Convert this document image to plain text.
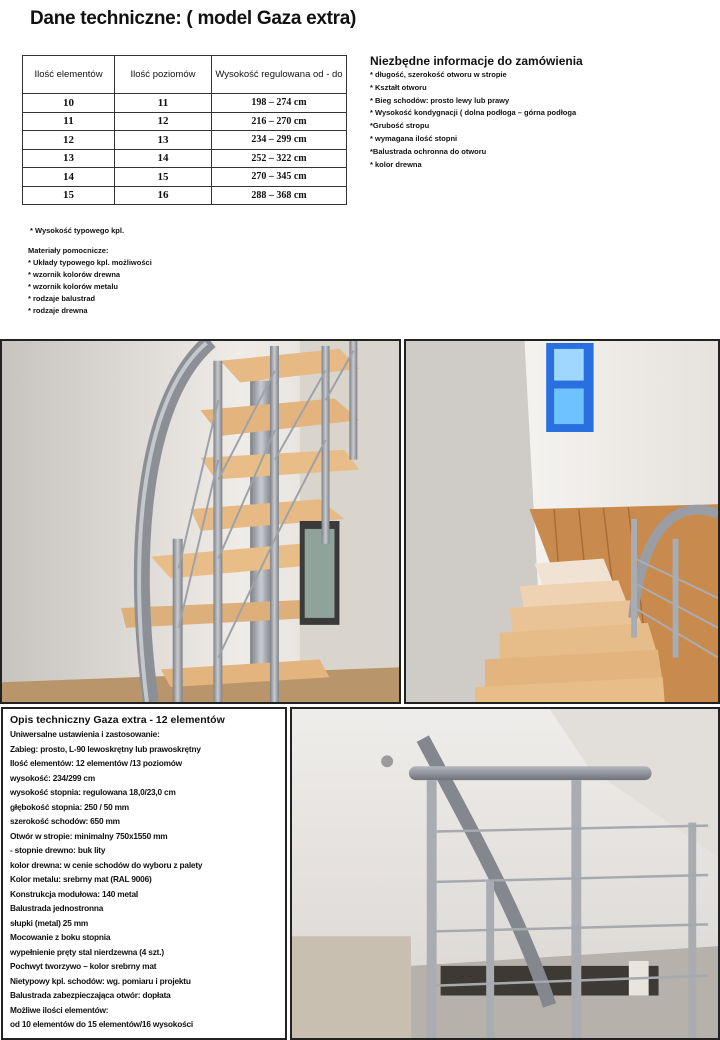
Dane techniczne: ( model Gaza extra)
Ilość elementów	Ilość poziomów	Wysokość regulowana od - do
10	11	198 – 274 cm
11	12	216 – 270 cm
12	13	234 – 299 cm
13	14	252 – 322 cm
14	15	270 – 345 cm
15	16	288 – 368 cm
Niezbędne informacje do zamówienia
* długość, szerokość otworu w stropie
* Kształt otworu
* Bieg schodów: prosto lewy lub prawy
* Wysokość kondygnacji ( dolna podłoga – górna podłoga
*Grubość stropu
* wymagana ilość stopni
*Balustrada ochronna do otworu
* kolor drewna
* Wysokość typowego kpl.
Materiały pomocnicze:
* Układy typowego kpl. możliwości
* wzornik kolorów drewna
* wzornik kolorów metalu
* rodzaje balustrad
* rodzaje drewna
Opis techniczny Gaza extra - 12 elementów
Uniwersalne ustawienia i zastosowanie:
Zabieg: prosto, L-90 lewoskrętny lub prawoskrętny
Ilość elementów: 12 elementów /13 poziomów
wysokość: 234/299 cm
wysokość stopnia: regulowana 18,0/23,0 cm
głębokość stopnia: 250 / 50 mm
szerokość schodów: 650 mm
Otwór w stropie: minimalny 750x1550 mm
- stopnie drewno: buk lity
kolor drewna: w cenie schodów do wyboru z palety
Kolor metalu: srebrny mat (RAL 9006)
Konstrukcja modułowa: 140 metal
Balustrada jednostronna
słupki (metal) 25 mm
Mocowanie z boku stopnia
wypełnienie pręty stal nierdzewna (4 szt.)
Pochwyt tworzywo – kolor srebrny mat
Nietypowy kpl. schodów: wg. pomiaru i projektu
Balustrada zabezpieczająca otwór: dopłata
Możliwe ilości elementów:
od 10 elementów do 15 elementów/16 wysokości
